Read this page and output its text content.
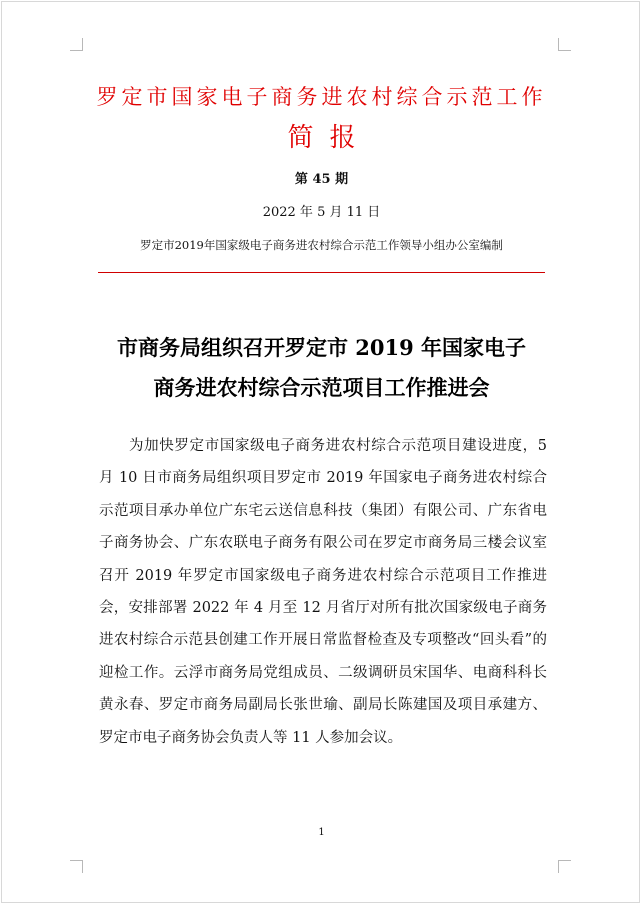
罗定市国家电子商务进农村综合示范工作
简报
第 45 期
2022 年 5 月 11 日
罗定市2019年国家级电子商务进农村综合示范工作领导小组办公室编制
市商务局组织召开罗定市 2019 年国家电子
商务进农村综合示范项目工作推进会

为加快罗定市国家级电子商务进农村综合示范项目建设进度，5 月 10 日市商务局组织项目罗定市 2019 年国家电子商务进农村综合示范项目承办单位广东宅云送信息科技（集团）有限公司、广东省电子商务协会、广东农联电子商务有限公司在罗定市商务局三楼会议室召开 2019 年罗定市国家级电子商务进农村综合示范项目工作推进会，安排部署 2022 年 4 月至 12 月省厅对所有批次国家级电子商务进农村综合示范县创建工作开展日常监督检查及专项整改“回头看”的迎检工作。云浮市商务局党组成员、二级调研员宋国华、电商科科长黄永春、罗定市商务局副局长张世瑜、副局长陈建国及项目承建方、罗定市电子商务协会负责人等 11 人参加会议。

1
